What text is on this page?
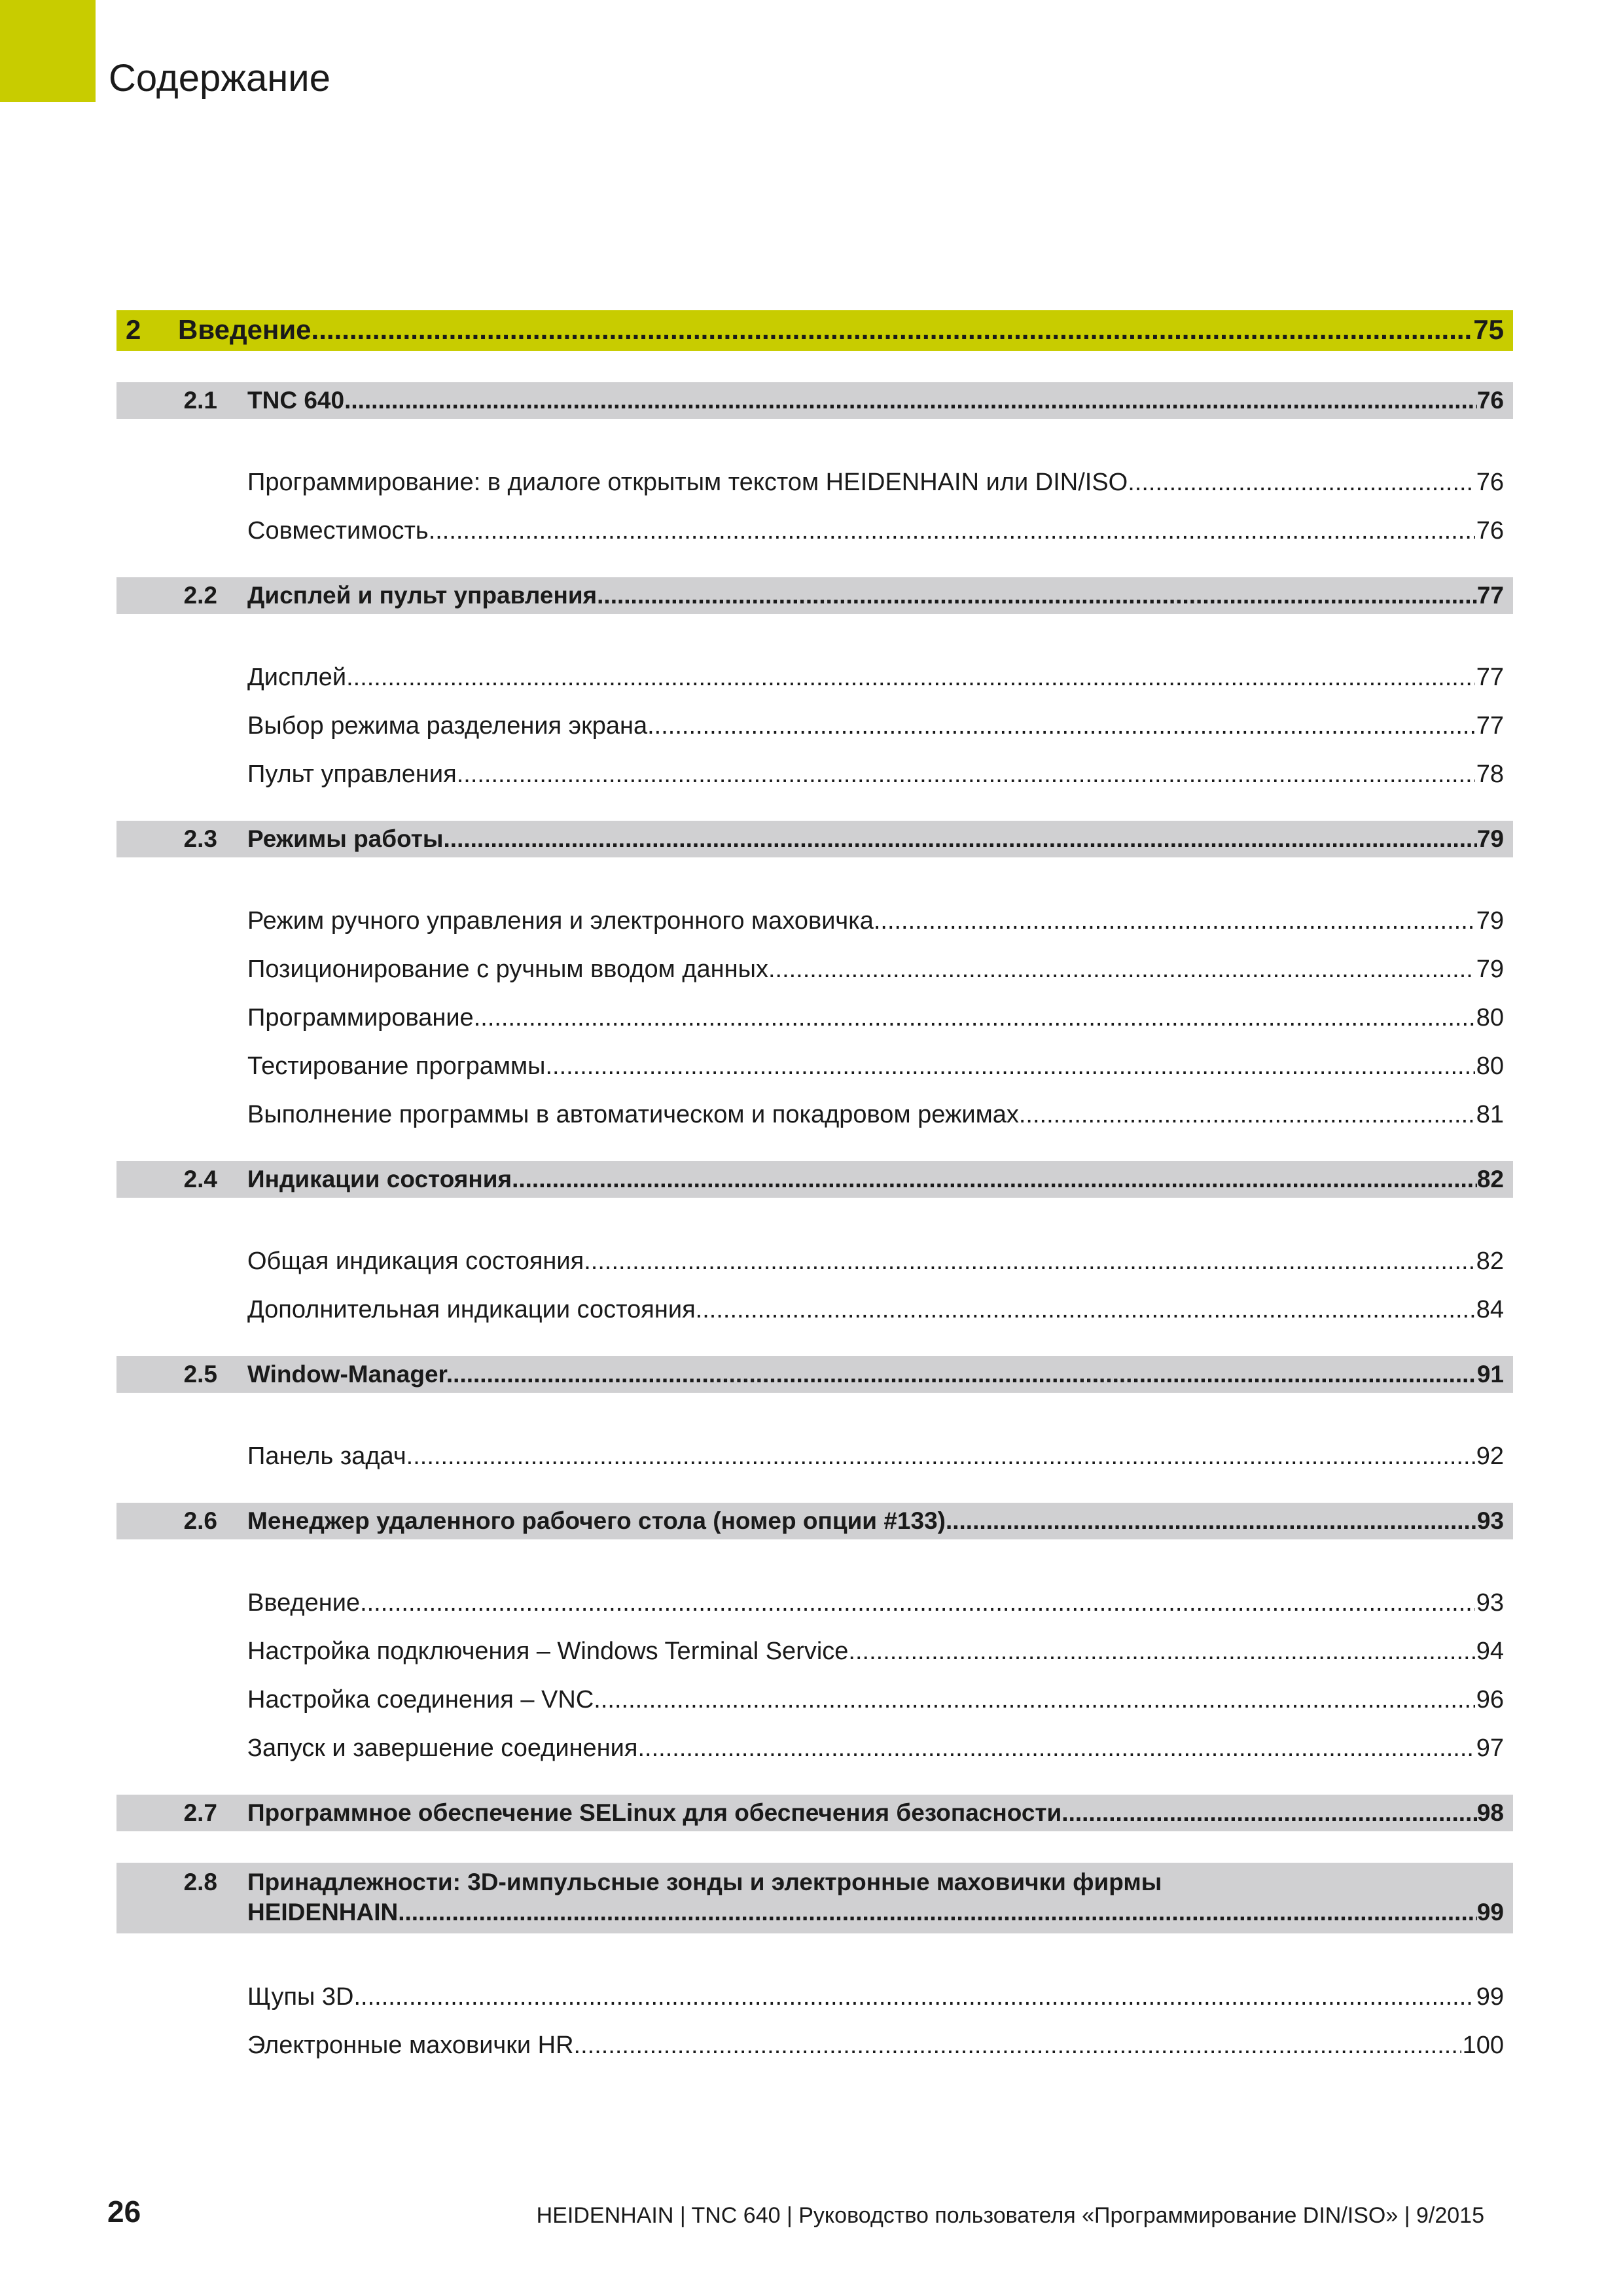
Содержание
2	Введение .....	75
2.1	TNC 640 .....	76
Программирование: в диалоге открытым текстом HEIDENHAIN или DIN/ISO .....	76
Совместимость .....	76
2.2	Дисплей и пульт управления .....	77
Дисплей .....	77
Выбор режима разделения экрана .....	77
Пульт управления .....	78
2.3	Режимы работы .....	79
Режим ручного управления и электронного маховичка .....	79
Позиционирование с ручным вводом данных .....	79
Программирование .....	80
Тестирование программы .....	80
Выполнение программы в автоматическом и покадровом режимах .....	81
2.4	Индикации состояния .....	82
Общая индикация состояния .....	82
Дополнительная индикации состояния .....	84
2.5	Window-Manager .....	91
Панель задач .....	92
2.6	Менеджер удаленного рабочего стола (номер опции #133) .....	93
Введение .....	93
Настройка подключения – Windows Terminal Service .....	94
Настройка соединения – VNC .....	96
Запуск и завершение соединения .....	97
2.7	Программное обеспечение SELinux для обеспечения безопасности .....	98
2.8	Принадлежности: 3D-импульсные зонды и электронные маховички фирмы
HEIDENHAIN .....	99
Щупы 3D .....	99
Электронные маховички HR .....	100
26	HEIDENHAIN | TNC 640 | Руководство пользователя «Программирование DIN/ISO» | 9/2015
